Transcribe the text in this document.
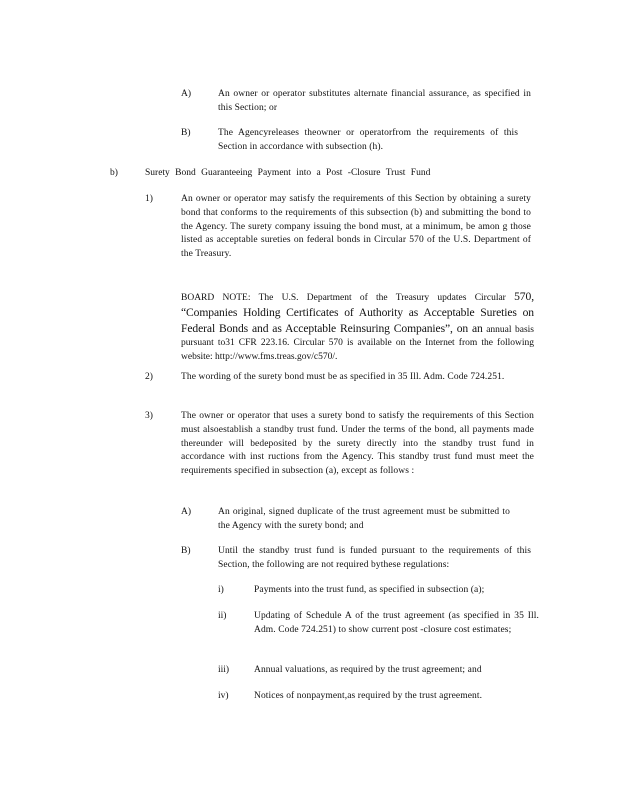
A)	An owner or operator substitutes alternate financial assurance, as specified in this Section; or
B)	The Agencyreleases theowner or operatorfrom the requirements of this Section in accordance with subsection (h).
b)	Surety Bond Guaranteeing Payment into a Post -Closure Trust Fund
1)	An owner or operator may satisfy the requirements of this Section by obtaining a surety bond that conforms to the requirements of this subsection (b) and submitting the bond to the Agency. The surety company issuing the bond must, at a minimum, be amon g those listed as acceptable sureties on federal bonds in Circular 570 of the U.S. Department of the Treasury.
BOARD NOTE: The U.S. Department of the Treasury updates Circular 570, “Companies Holding Certificates of Authority as Acceptable Sureties on Federal Bonds and as Acceptable Reinsuring Companies”, on an annual basis pursuant to31 CFR 223.16. Circular 570 is available on the Internet from the following website: http://www.fms.treas.gov/c570/.
2)	The wording of the surety bond must be as specified in 35 Ill. Adm. Code 724.251.
3)	The owner or operator that uses a surety bond to satisfy the requirements of this Section must alsoestablish a standby trust fund. Under the terms of the bond, all payments made thereunder will bedeposited by the surety directly into the standby trust fund in accordance with inst ructions from the Agency. This standby trust fund must meet the requirements specified in subsection (a), except as follows :
A)	An original, signed duplicate of the trust agreement must be submitted to the Agency with the surety bond; and
B)	Until the standby trust fund is funded pursuant to the requirements of this Section, the following are not required bythese regulations:
i)	Payments into the trust fund, as specified in subsection (a);
ii)	Updating of Schedule A of the trust agreement (as specified in 35 Ill. Adm. Code 724.251) to show current post -closure cost estimates;
iii)	Annual valuations, as required by the trust agreement; and
iv)	Notices of nonpayment,as required by the trust agreement.
